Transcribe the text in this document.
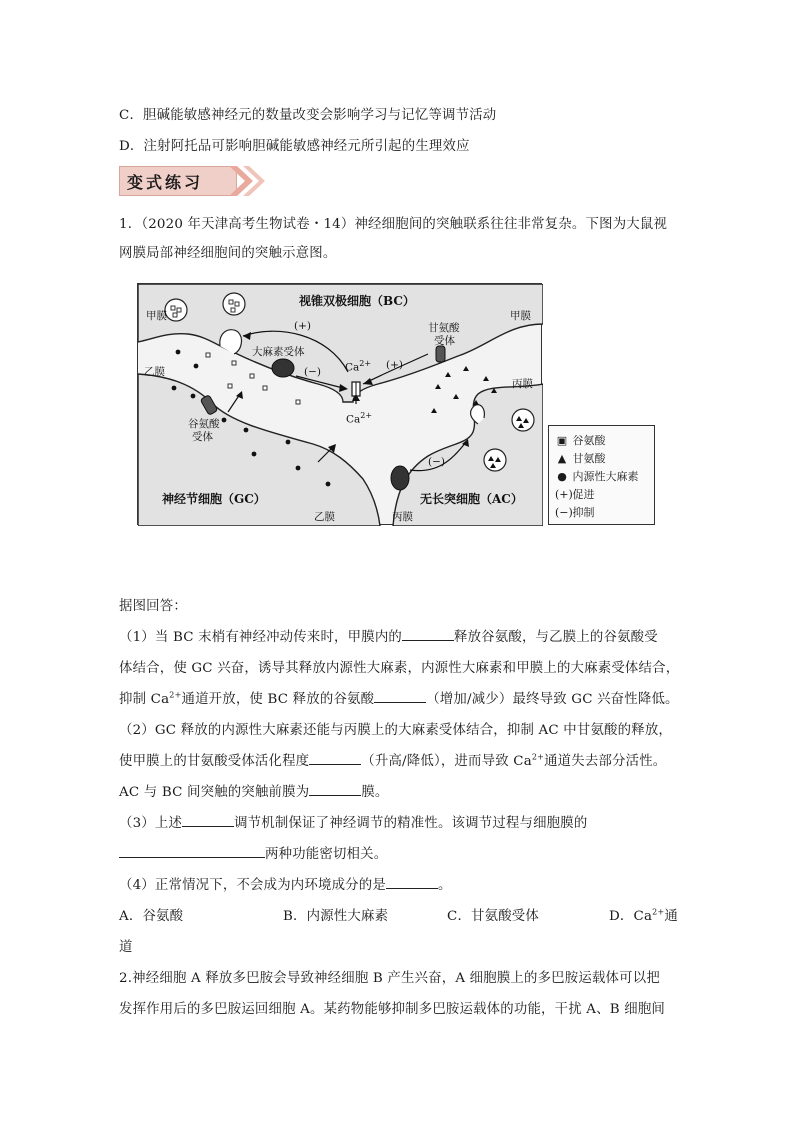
C．胆碱能敏感神经元的数量改变会影响学习与记忆等调节活动
D．注射阿托品可影响胆碱能敏感神经元所引起的生理效应
变式练习
1．（2020 年天津高考生物试卷・14）神经细胞间的突触联系往往非常复杂。下图为大鼠视
网膜局部神经细胞间的突触示意图。
视锥双极细胞（BC）
甲膜	甲膜
乙膜
丙膜
大麻素受体
甘氨酸
受体
谷氨酸
受体
$Ca^{2+}$
$Ca^{2+}$
(+)
(+)
(−)
(−)
神经节细胞（GC）	无长突细胞（AC）
乙膜	丙膜
▣ 谷氨酸
▲ 甘氨酸
● 内源性大麻素
(+) 促进
(−) 抑制
据图回答：
（1）当 BC 末梢有神经冲动传来时，甲膜内的	释放谷氨酸，与乙膜上的谷氨酸受
体结合，使 GC 兴奋，诱导其释放内源性大麻素，内源性大麻素和甲膜上的大麻素受体结合，
抑制 $Ca^{2+}$通道开放，使 BC 释放的谷氨酸	（增加/减少）最终导致 GC 兴奋性降低。
（2）GC 释放的内源性大麻素还能与丙膜上的大麻素受体结合，抑制 AC 中甘氨酸的释放，
使甲膜上的甘氨酸受体活化程度	（升高/降低），进而导致 $Ca^{2+}$通道失去部分活性。
AC 与 BC 间突触的突触前膜为	膜。
（3）上述	调节机制保证了神经调节的精准性。该调节过程与细胞膜的
两种功能密切相关。
（4）正常情况下，不会成为内环境成分的是	。
A．谷氨酸	B．内源性大麻素	C．甘氨酸受体	D．$Ca^{2+}$通
道
2.神经细胞 A 释放多巴胺会导致神经细胞 B 产生兴奋，A 细胞膜上的多巴胺运载体可以把
发挥作用后的多巴胺运回细胞 A。某药物能够抑制多巴胺运载体的功能，干扰 A、B 细胞间
